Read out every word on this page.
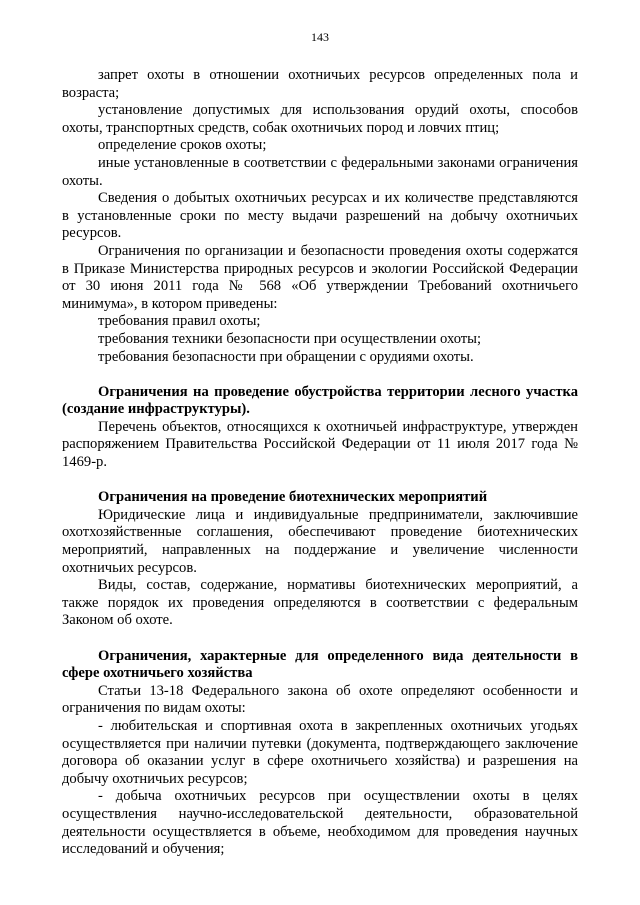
143

запрет охоты в отношении охотничьих ресурсов определенных пола и возраста;

установление допустимых для использования орудий охоты, способов охоты, транспортных средств, собак охотничьих пород и ловчих птиц;

определение сроков охоты;

иные установленные в соответствии с федеральными законами ограничения охоты.

Сведения о добытых охотничьих ресурсах и их количестве представляются в установленные сроки по месту выдачи разрешений на добычу охотничьих ресурсов.

Ограничения по организации и безопасности проведения охоты содержатся в Приказе Министерства природных ресурсов и экологии Российской Федерации от 30 июня 2011 года № 568 «Об утверждении Требований охотничьего минимума», в котором приведены:

требования правил охоты;

требования техники безопасности при осуществлении охоты;

требования безопасности при обращении с орудиями охоты.

Ограничения на проведение обустройства территории лесного участка (создание инфраструктуры).

Перечень объектов, относящихся к охотничьей инфраструктуре, утвержден распоряжением Правительства Российской Федерации от 11 июля 2017 года № 1469-р.

Ограничения на проведение биотехнических мероприятий

Юридические лица и индивидуальные предприниматели, заключившие охотхозяйственные соглашения, обеспечивают проведение биотехнических мероприятий, направленных на поддержание и увеличение численности охотничьих ресурсов.

Виды, состав, содержание, нормативы биотехнических мероприятий, а также порядок их проведения определяются в соответствии с федеральным Законом об охоте.

Ограничения, характерные для определенного вида деятельности в сфере охотничьего хозяйства

Статьи 13-18 Федерального закона об охоте определяют особенности и ограничения по видам охоты:

- любительская и спортивная охота в закрепленных охотничьих угодьях осуществляется при наличии путевки (документа, подтверждающего заключение договора об оказании услуг в сфере охотничьего хозяйства) и разрешения на добычу охотничьих ресурсов;

- добыча охотничьих ресурсов при осуществлении охоты в целях осуществления научно-исследовательской деятельности, образовательной деятельности осуществляется в объеме, необходимом для проведения научных исследований и обучения;
